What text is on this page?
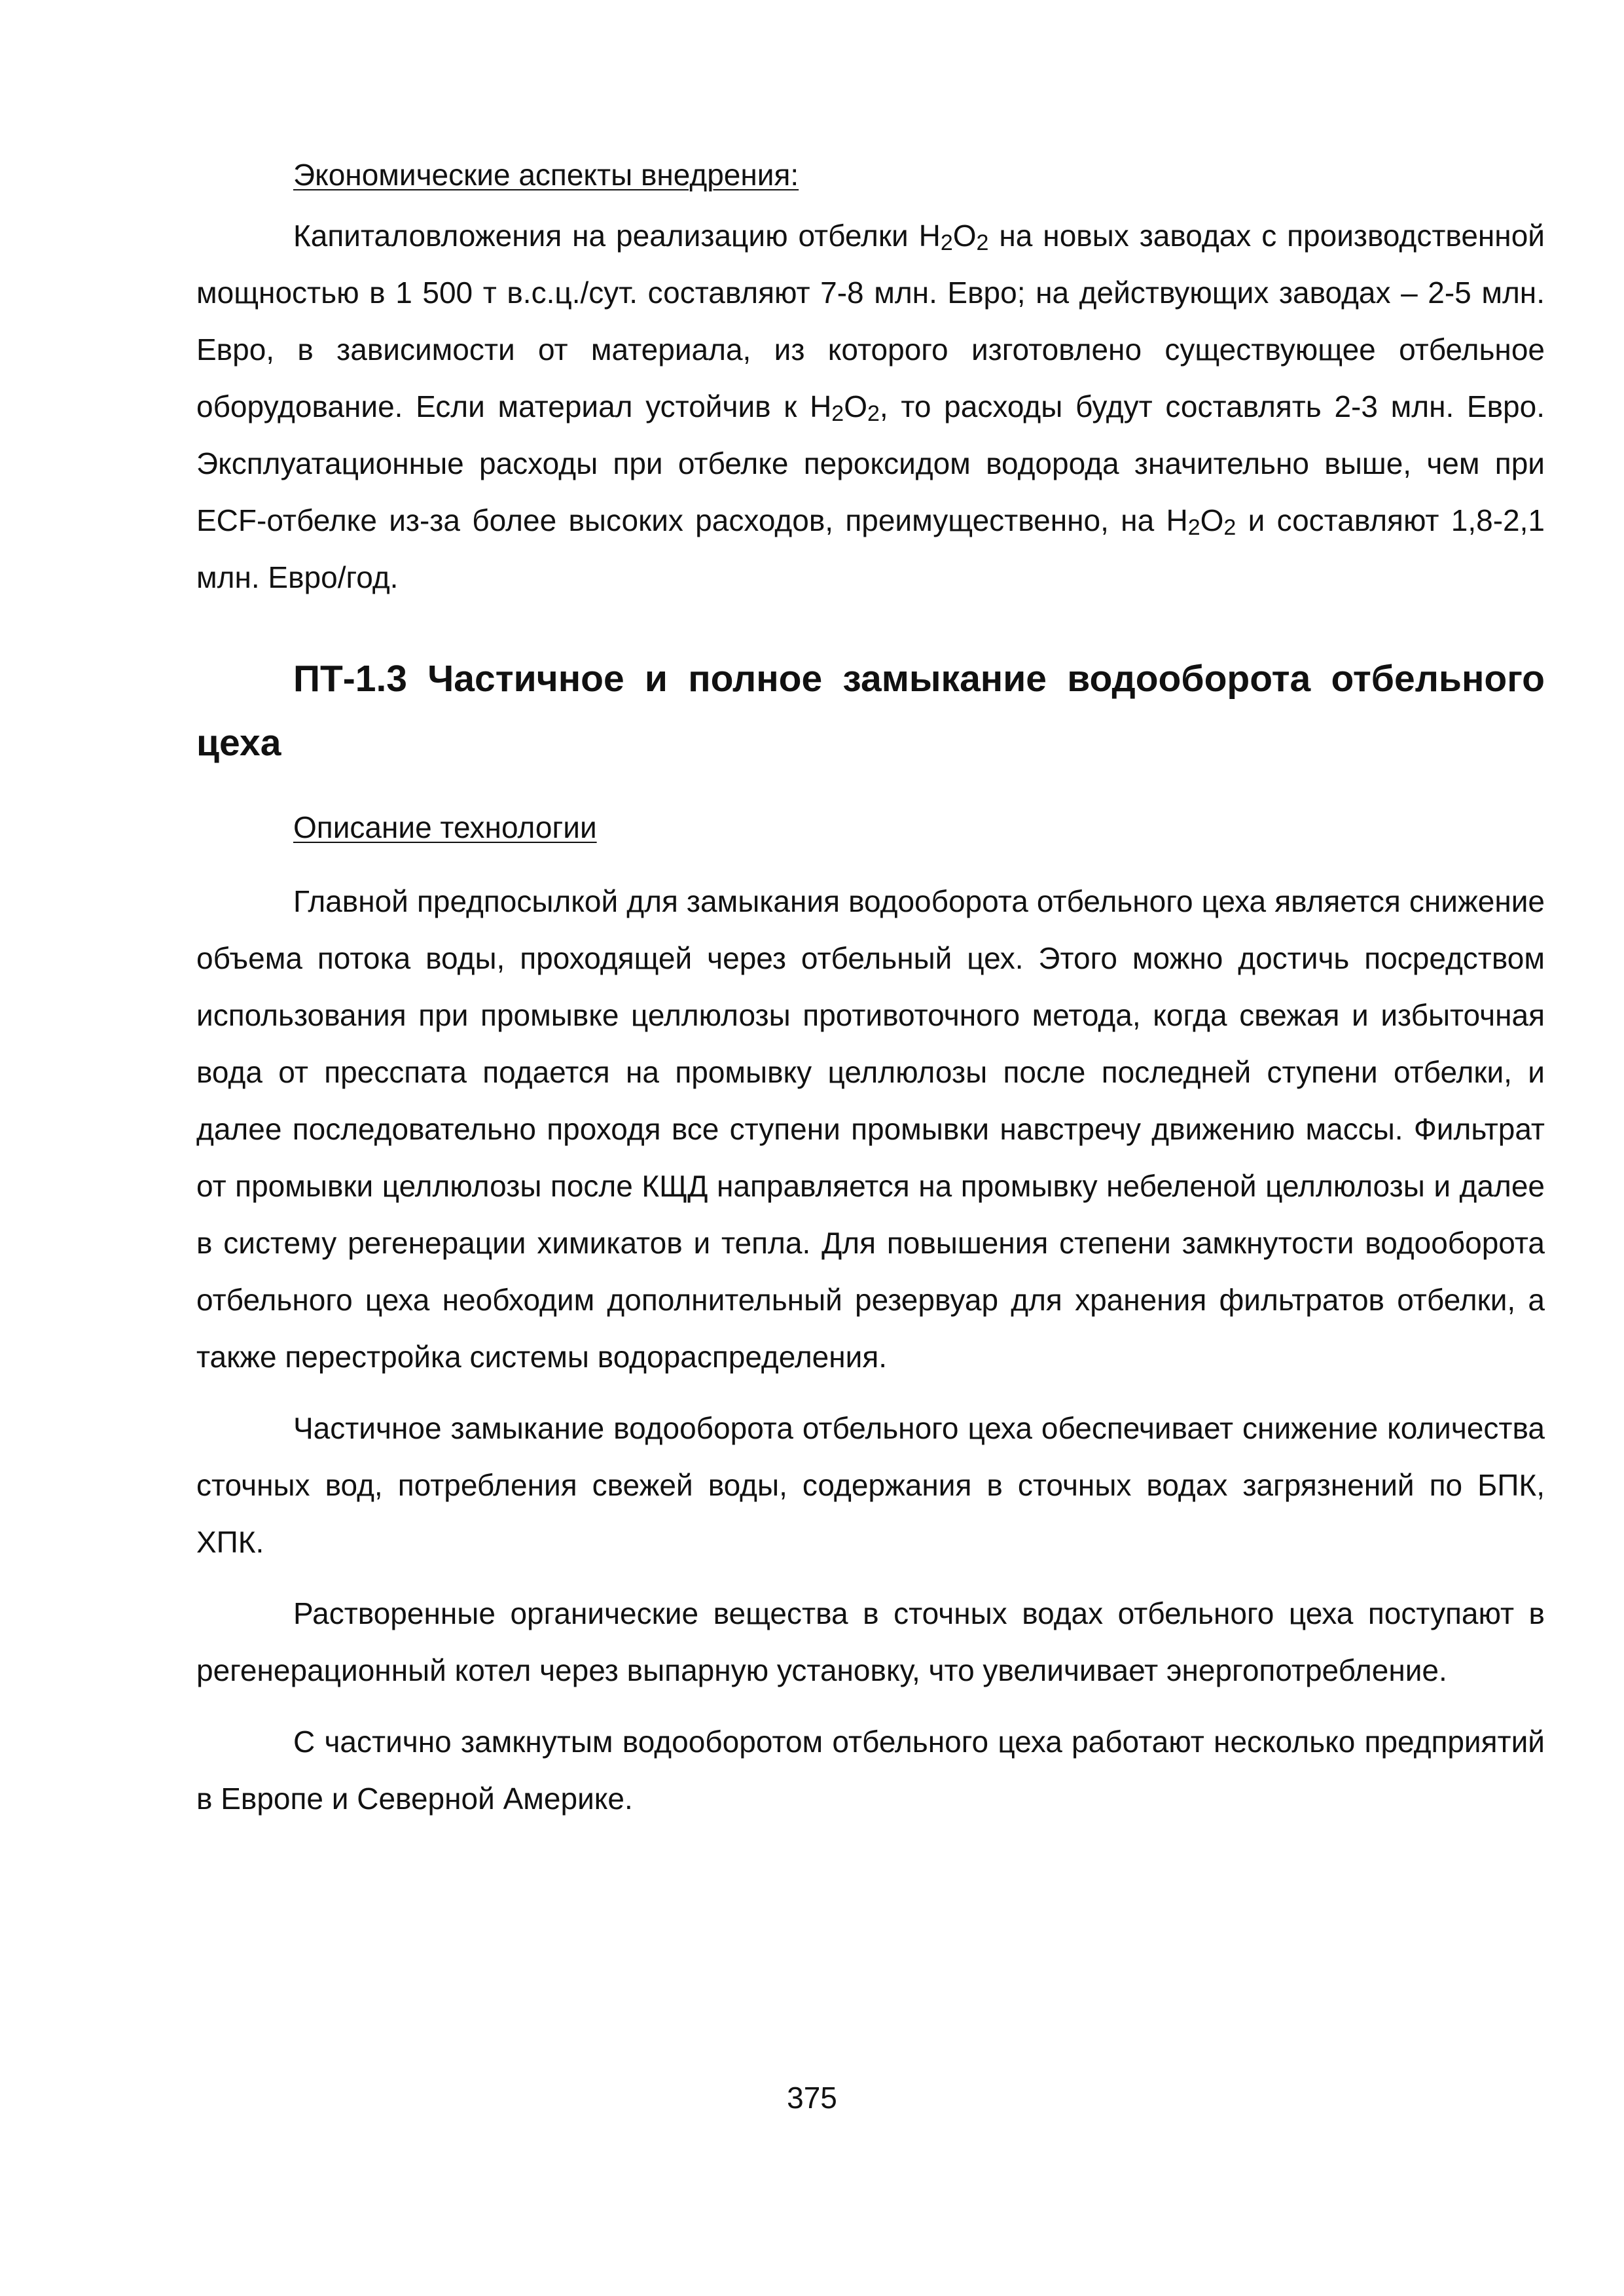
Экономические аспекты внедрения:

Капиталовложения на реализацию отбелки $H_2O_2$ на новых заводах с производственной мощностью в 1 500 т в.с.ц./сут. составляют 7-8 млн. Евро; на действующих заводах – 2-5 млн. Евро, в зависимости от материала, из которого изготовлено существующее отбельное оборудование. Если материал устойчив к $H_2O_2$, то расходы будут составлять 2-3 млн. Евро. Эксплуатационные расходы при отбелке пероксидом водорода значительно выше, чем при ECF-отбелке из-за более высоких расходов, преимущественно, на $H_2O_2$ и составляют 1,8-2,1 млн. Евро/год.

ПТ-1.3 Частичное и полное замыкание водооборота отбельного цеха

Описание технологии

Главной предпосылкой для замыкания водооборота отбельного цеха является снижение объема потока воды, проходящей через отбельный цех. Этого можно достичь посредством использования при промывке целлюлозы противоточного метода, когда свежая и избыточная вода от пресспата подается на промывку целлюлозы после последней ступени отбелки, и далее последовательно проходя все ступени промывки навстречу движению массы. Фильтрат от промывки целлюлозы после КЩД направляется на промывку небеленой целлюлозы и далее в систему регенерации химикатов и тепла. Для повышения степени замкнутости водооборота отбельного цеха необходим дополнительный резервуар для хранения фильтратов отбелки, а также перестройка системы водораспределения.

Частичное замыкание водооборота отбельного цеха обеспечивает снижение количества сточных вод, потребления свежей воды, содержания в сточных водах загрязнений по БПК, ХПК.

Растворенные органические вещества в сточных водах отбельного цеха поступают в регенерационный котел через выпарную установку, что увеличивает энергопотребление.

С частично замкнутым водооборотом отбельного цеха работают несколько предприятий в Европе и Северной Америке.

375
